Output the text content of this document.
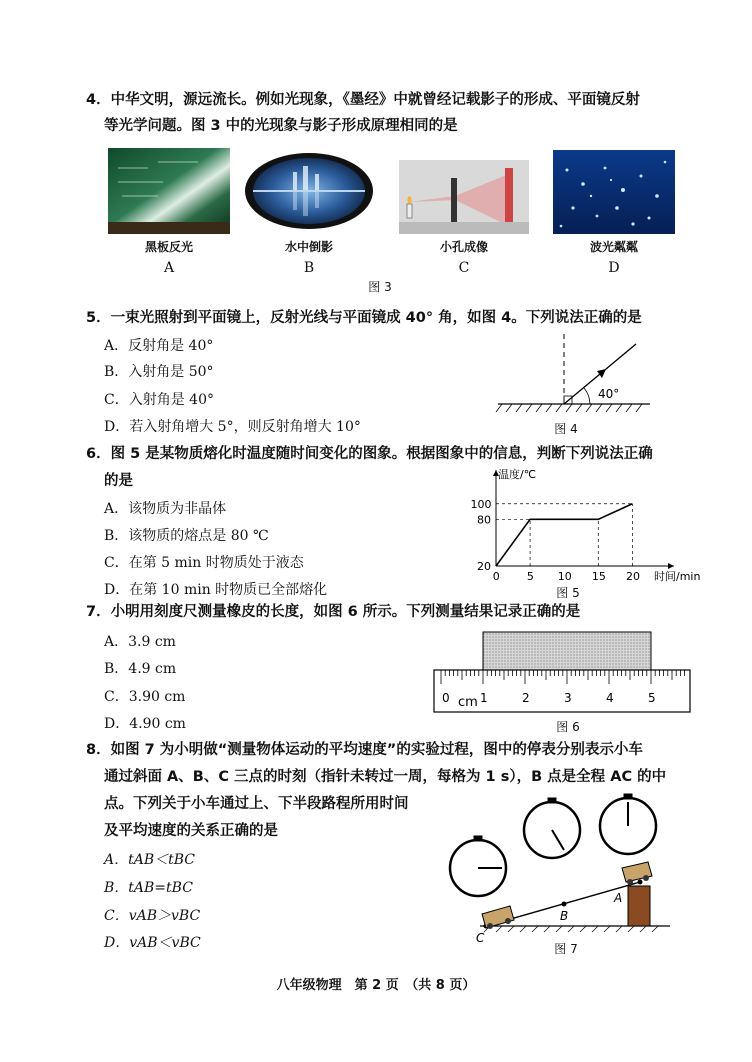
4．中华文明，源远流长。例如光现象，《墨经》中就曾经记载影子的形成、平面镜反射
等光学问题。图 3 中的光现象与影子形成原理相同的是
黑板反光
A
水中倒影
B
小孔成像
C
波光粼粼
D
图 3
5．一束光照射到平面镜上，反射光线与平面镜成 40° 角，如图 4。下列说法正确的是
A．反射角是 40°
B．入射角是 50°
C．入射角是 40°
D．若入射角增大 5°，则反射角增大 10°
40°
图 4
6．图 5 是某物质熔化时温度随时间变化的图象。根据图象中的信息，判断下列说法正确
的是
A．该物质为非晶体
B．该物质的熔点是 80 ℃
C．在第 5 min 时物质处于液态
D．在第 10 min 时物质已全部熔化
0 5 10 15 20
20
80
100
时间/min
温度/℃
图 5
7．小明用刻度尺测量橡皮的长度，如图 6 所示。下列测量结果记录正确的是
A．3.9 cm
B．4.9 cm
C．3.90 cm
D．4.90 cm
0 cm 1	2	3	4	5
图 6
8．如图 7 为小明做“测量物体运动的平均速度”的实验过程，图中的停表分别表示小车
通过斜面 A、B、C 三点的时刻（指针未转过一周，每格为 1 s），B 点是全程 AC 的中
点。下列关于小车通过上、下半段路程所用时间
及平均速度的关系正确的是
A．tAB＜tBC
B．tAB=tBC
C．vAB＞vBC
D．vAB＜vBC	C
B
A
图 7
八年级物理　第 2 页　（共 8 页）
